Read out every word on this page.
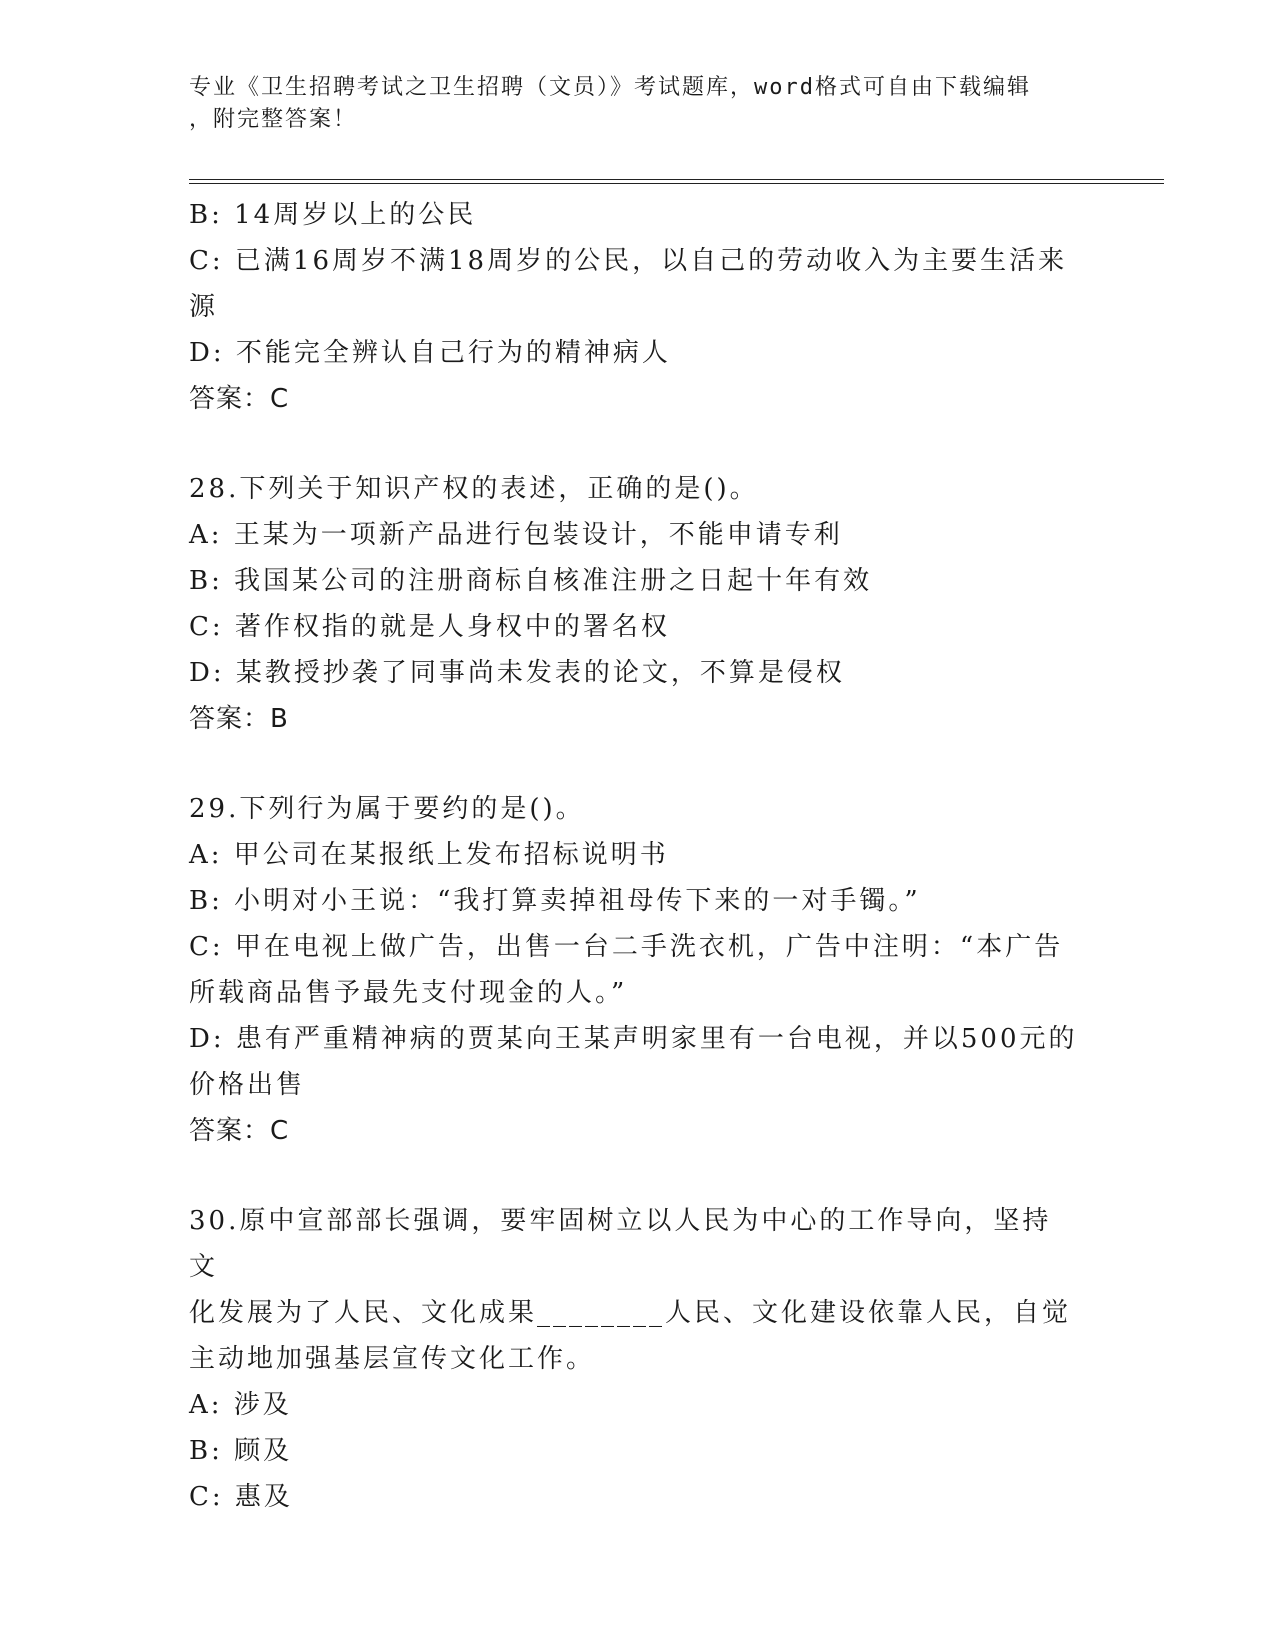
专业《卫生招聘考试之卫生招聘（文员）》考试题库，word格式可自由下载编辑
，附完整答案！
B: 14周岁以上的公民
C: 已满16周岁不满18周岁的公民，以自己的劳动收入为主要生活来
源
D: 不能完全辨认自己行为的精神病人
答案：C
28.下列关于知识产权的表述，正确的是()。
A: 王某为一项新产品进行包装设计，不能申请专利
B: 我国某公司的注册商标自核准注册之日起十年有效
C: 著作权指的就是人身权中的署名权
D: 某教授抄袭了同事尚未发表的论文，不算是侵权
答案：B
29.下列行为属于要约的是()。
A: 甲公司在某报纸上发布招标说明书
B: 小明对小王说：“我打算卖掉祖母传下来的一对手镯。”
C: 甲在电视上做广告，出售一台二手洗衣机，广告中注明：“本广告
所载商品售予最先支付现金的人。”
D: 患有严重精神病的贾某向王某声明家里有一台电视，并以500元的
价格出售
答案：C
30.原中宣部部长强调，要牢固树立以人民为中心的工作导向，坚持文
化发展为了人民、文化成果________人民、文化建设依靠人民，自觉
主动地加强基层宣传文化工作。
A: 涉及
B: 顾及
C: 惠及
